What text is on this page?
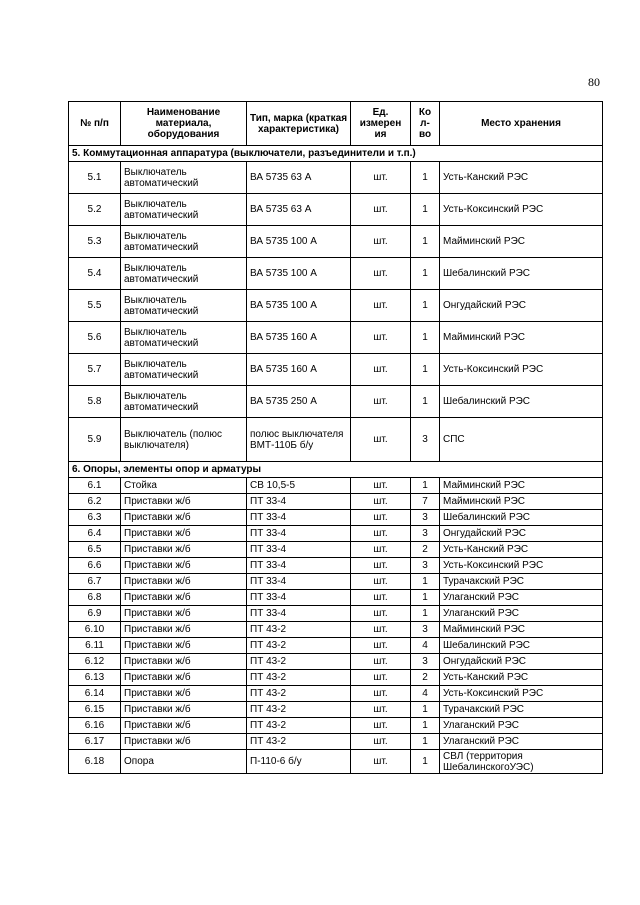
80
№ п/п	Наименование материала, оборудования	Тип, марка (краткая характеристика)	Ед. измерен ия	Ко л- во	Место хранения
5. Коммутационная аппаратура (выключатели, разъединители и т.п.)					
5.1	Выключатель автоматический	ВА 5735 63 А	шт.	1	Усть-Канский РЭС
5.2	Выключатель автоматический	ВА 5735 63 А	шт.	1	Усть-Коксинский РЭС
5.3	Выключатель автоматический	ВА 5735 100 А	шт.	1	Майминский РЭС
5.4	Выключатель автоматический	ВА 5735 100 А	шт.	1	Шебалинский РЭС
5.5	Выключатель автоматический	ВА 5735 100 А	шт.	1	Онгудайский РЭС
5.6	Выключатель автоматический	ВА 5735 160 А	шт.	1	Майминский РЭС
5.7	Выключатель автоматический	ВА 5735 160 А	шт.	1	Усть-Коксинский РЭС
5.8	Выключатель автоматический	ВА 5735 250 А	шт.	1	Шебалинский РЭС
5.9	Выключатель (полюс выключателя)	полюс выключателя ВМТ-110Б б/у	шт.	3	СПС
6. Опоры, элементы опор и арматуры					
6.1	Стойка	СВ 10,5-5	шт.	1	Майминский РЭС
6.2	Приставки ж/б	ПТ 33-4	шт.	7	Майминский РЭС
6.3	Приставки ж/б	ПТ 33-4	шт.	3	Шебалинский РЭС
6.4	Приставки ж/б	ПТ 33-4	шт.	3	Онгудайский РЭС
6.5	Приставки ж/б	ПТ 33-4	шт.	2	Усть-Канский РЭС
6.6	Приставки ж/б	ПТ 33-4	шт.	3	Усть-Коксинский РЭС
6.7	Приставки ж/б	ПТ 33-4	шт.	1	Турачакский РЭС
6.8	Приставки ж/б	ПТ 33-4	шт.	1	Улаганский РЭС
6.9	Приставки ж/б	ПТ 33-4	шт.	1	Улаганский РЭС
6.10	Приставки ж/б	ПТ 43-2	шт.	3	Майминский РЭС
6.11	Приставки ж/б	ПТ 43-2	шт.	4	Шебалинский РЭС
6.12	Приставки ж/б	ПТ 43-2	шт.	3	Онгудайский РЭС
6.13	Приставки ж/б	ПТ 43-2	шт.	2	Усть-Канский РЭС
6.14	Приставки ж/б	ПТ 43-2	шт.	4	Усть-Коксинский РЭС
6.15	Приставки ж/б	ПТ 43-2	шт.	1	Турачакский РЭС
6.16	Приставки ж/б	ПТ 43-2	шт.	1	Улаганский РЭС
6.17	Приставки ж/б	ПТ 43-2	шт.	1	Улаганский РЭС
6.18	Опора	П-110-6 б/у	шт.	1	СВЛ (территория ШебалинскогоУЭС)
